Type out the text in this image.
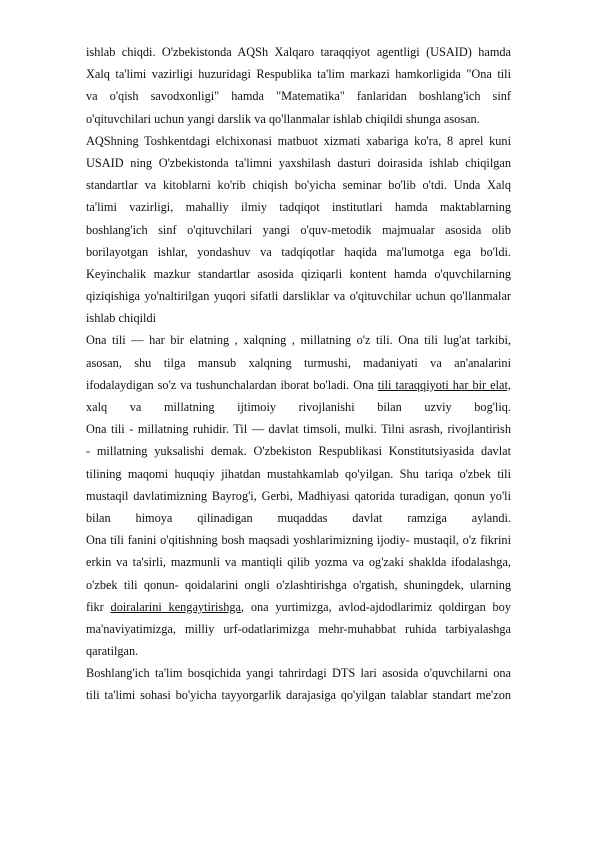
ishlab chiqdi. O'zbekistonda AQSh Xalqaro taraqqiyot agentligi (USAID) hamda
Xalq ta'limi vazirligi huzuridagi Respublika ta'lim markazi hamkorligida "Ona tili
va o'qish savodxonligi" hamda "Matematika" fanlaridan boshlang'ich sinf
o'qituvchilari uchun yangi darslik va qo'llanmalar ishlab chiqildi shunga asosan.
AQShning Toshkentdagi elchixonasi matbuot xizmati xabariga ko'ra, 8 aprel kuni
USAID ning O'zbekistonda ta'limni yaxshilash dasturi doirasida ishlab chiqilgan
standartlar va kitoblarni ko'rib chiqish bo'yicha seminar bo'lib o'tdi. Unda Xalq
ta'limi vazirligi, mahalliy ilmiy tadqiqot institutlari hamda maktablarning
boshlang'ich sinf o'qituvchilari yangi o'quv-metodik majmualar asosida olib
borilayotgan ishlar, yondashuv va tadqiqotlar haqida ma'lumotga ega bo'ldi.
Keyinchalik mazkur standartlar asosida qiziqarli kontent hamda o'quvchilarning
qiziqishiga yo'naltirilgan yuqori sifatli darsliklar va o'qituvchilar uchun qo'llanmalar
ishlab chiqildi
Ona tili — har bir elatning , xalqning , millatning o'z tili. Ona tili lug'at tarkibi,
asosan, shu tilga mansub xalqning turmushi, madaniyati va an'analarini
ifodalaydigan so'z va tushunchalardan iborat bo'ladi. Ona tili taraqqiyoti har bir elat,
xalq va millatning ijtimoiy rivojlanishi bilan uzviy bog'liq.
Ona tili - millatning ruhidir. Til — davlat timsoli, mulki. Tilni asrash, rivojlantirish
- millatning yuksalishi demak. O'zbekiston Respublikasi Konstitutsiyasida davlat
tilining maqomi huquqiy jihatdan mustahkamlab qo'yilgan. Shu tariqa o'zbek tili
mustaqil davlatimizning Bayrog'i, Gerbi, Madhiyasi qatorida turadigan, qonun yo'li
bilan himoya qilinadigan muqaddas davlat ramziga aylandi.
Ona tili fanini o'qitishning bosh maqsadi yoshlarimizning ijodiy- mustaqil, o'z fikrini
erkin va ta'sirli, mazmunli va mantiqli qilib yozma va og'zaki shaklda ifodalashga,
o'zbek tili qonun- qoidalarini ongli o'zlashtirishga o'rgatish, shuningdek, ularning
fikr doiralarini kengaytirishga, ona yurtimizga, avlod-ajdodlarimiz qoldirgan boy
ma'naviyatimizga, milliy urf-odatlarimizga mehr-muhabbat ruhida tarbiyalashga
qaratilgan.
Boshlang'ich ta'lim bosqichida yangi tahrirdagi DTS lari asosida o'quvchilarni ona
tili ta'limi sohasi bo'yicha tayyorgarlik darajasiga qo'yilgan talablar standart me'zon
